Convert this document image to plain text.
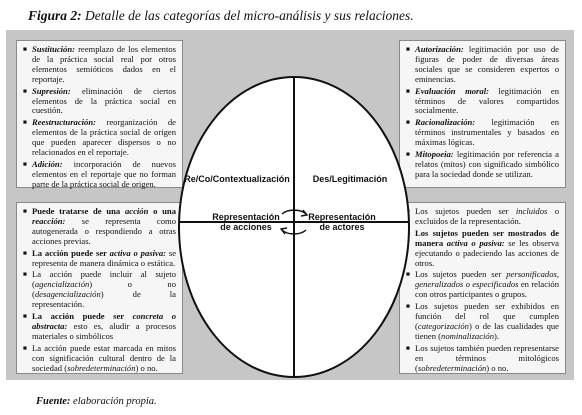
Figura 2: Detalle de las categorías del micro-análisis y sus relaciones.

■ Sustitución: reemplazo de los elementos de la práctica social real por otros elementos semióticos dados en el reportaje.

■ Supresión: eliminación de ciertos elementos de la práctica social en cuestión.

■ Reestructuración: reorganización de elementos de la práctica social de origen que pueden aparecer dispersos o no relacionados en el reportaje.

■ Adición: incorporación de nuevos elementos en el reportaje que no forman parte de la práctica social de origen.

■ Autorización: legitimación por uso de figuras de poder de diversas áreas sociales que se consideren expertos o eminencias.

■ Evaluación moral: legitimación en términos de valores compartidos socialmente.

■ Racionalización: legitimación en términos instrumentales y basados en máximas lógicas.

■ Mitopoeia: legitimación por referencia a relatos (mitos) con significado simbólico para la sociedad donde se utilizan.

■ Puede tratarse de una acción o una reacción: se representa como autogenerada o respondiendo a otras acciones previas.

■ La acción puede ser activa o pasiva: se representa de manera dinámica o estática.

■ La acción puede incluir al sujeto (agencialización) o no (desagencialización) de la representación.

■ La acción puede ser concreta o abstracta: esto es, aludir a procesos materiales o simbólicos

■ La acción puede estar marcada en mitos con significación cultural dentro de la sociedad (sobredeterminación) o no.

■ Los sujetos pueden ser incluidos o excluidos de la representación.

■ Los sujetos pueden ser mostrados de manera activa o pasiva: se les observa ejecutando o padeciendo las acciones de otros.

■ Los sujetos pueden ser personificados, generalizados o especificados en relación con otros participantes o grupos.

■ Los sujetos pueden ser exhibidos en función del rol que cumplen (categorización) o de las cualidades que tienen (nominalización).

■ Los sujetos también pueden representarse en términos mitológicos (sobredeterminación) o no.

Re/Co/Contextualización	Des/Legitimación
Representación de acciones
Representación de actores
Fuente: elaboración propia.
